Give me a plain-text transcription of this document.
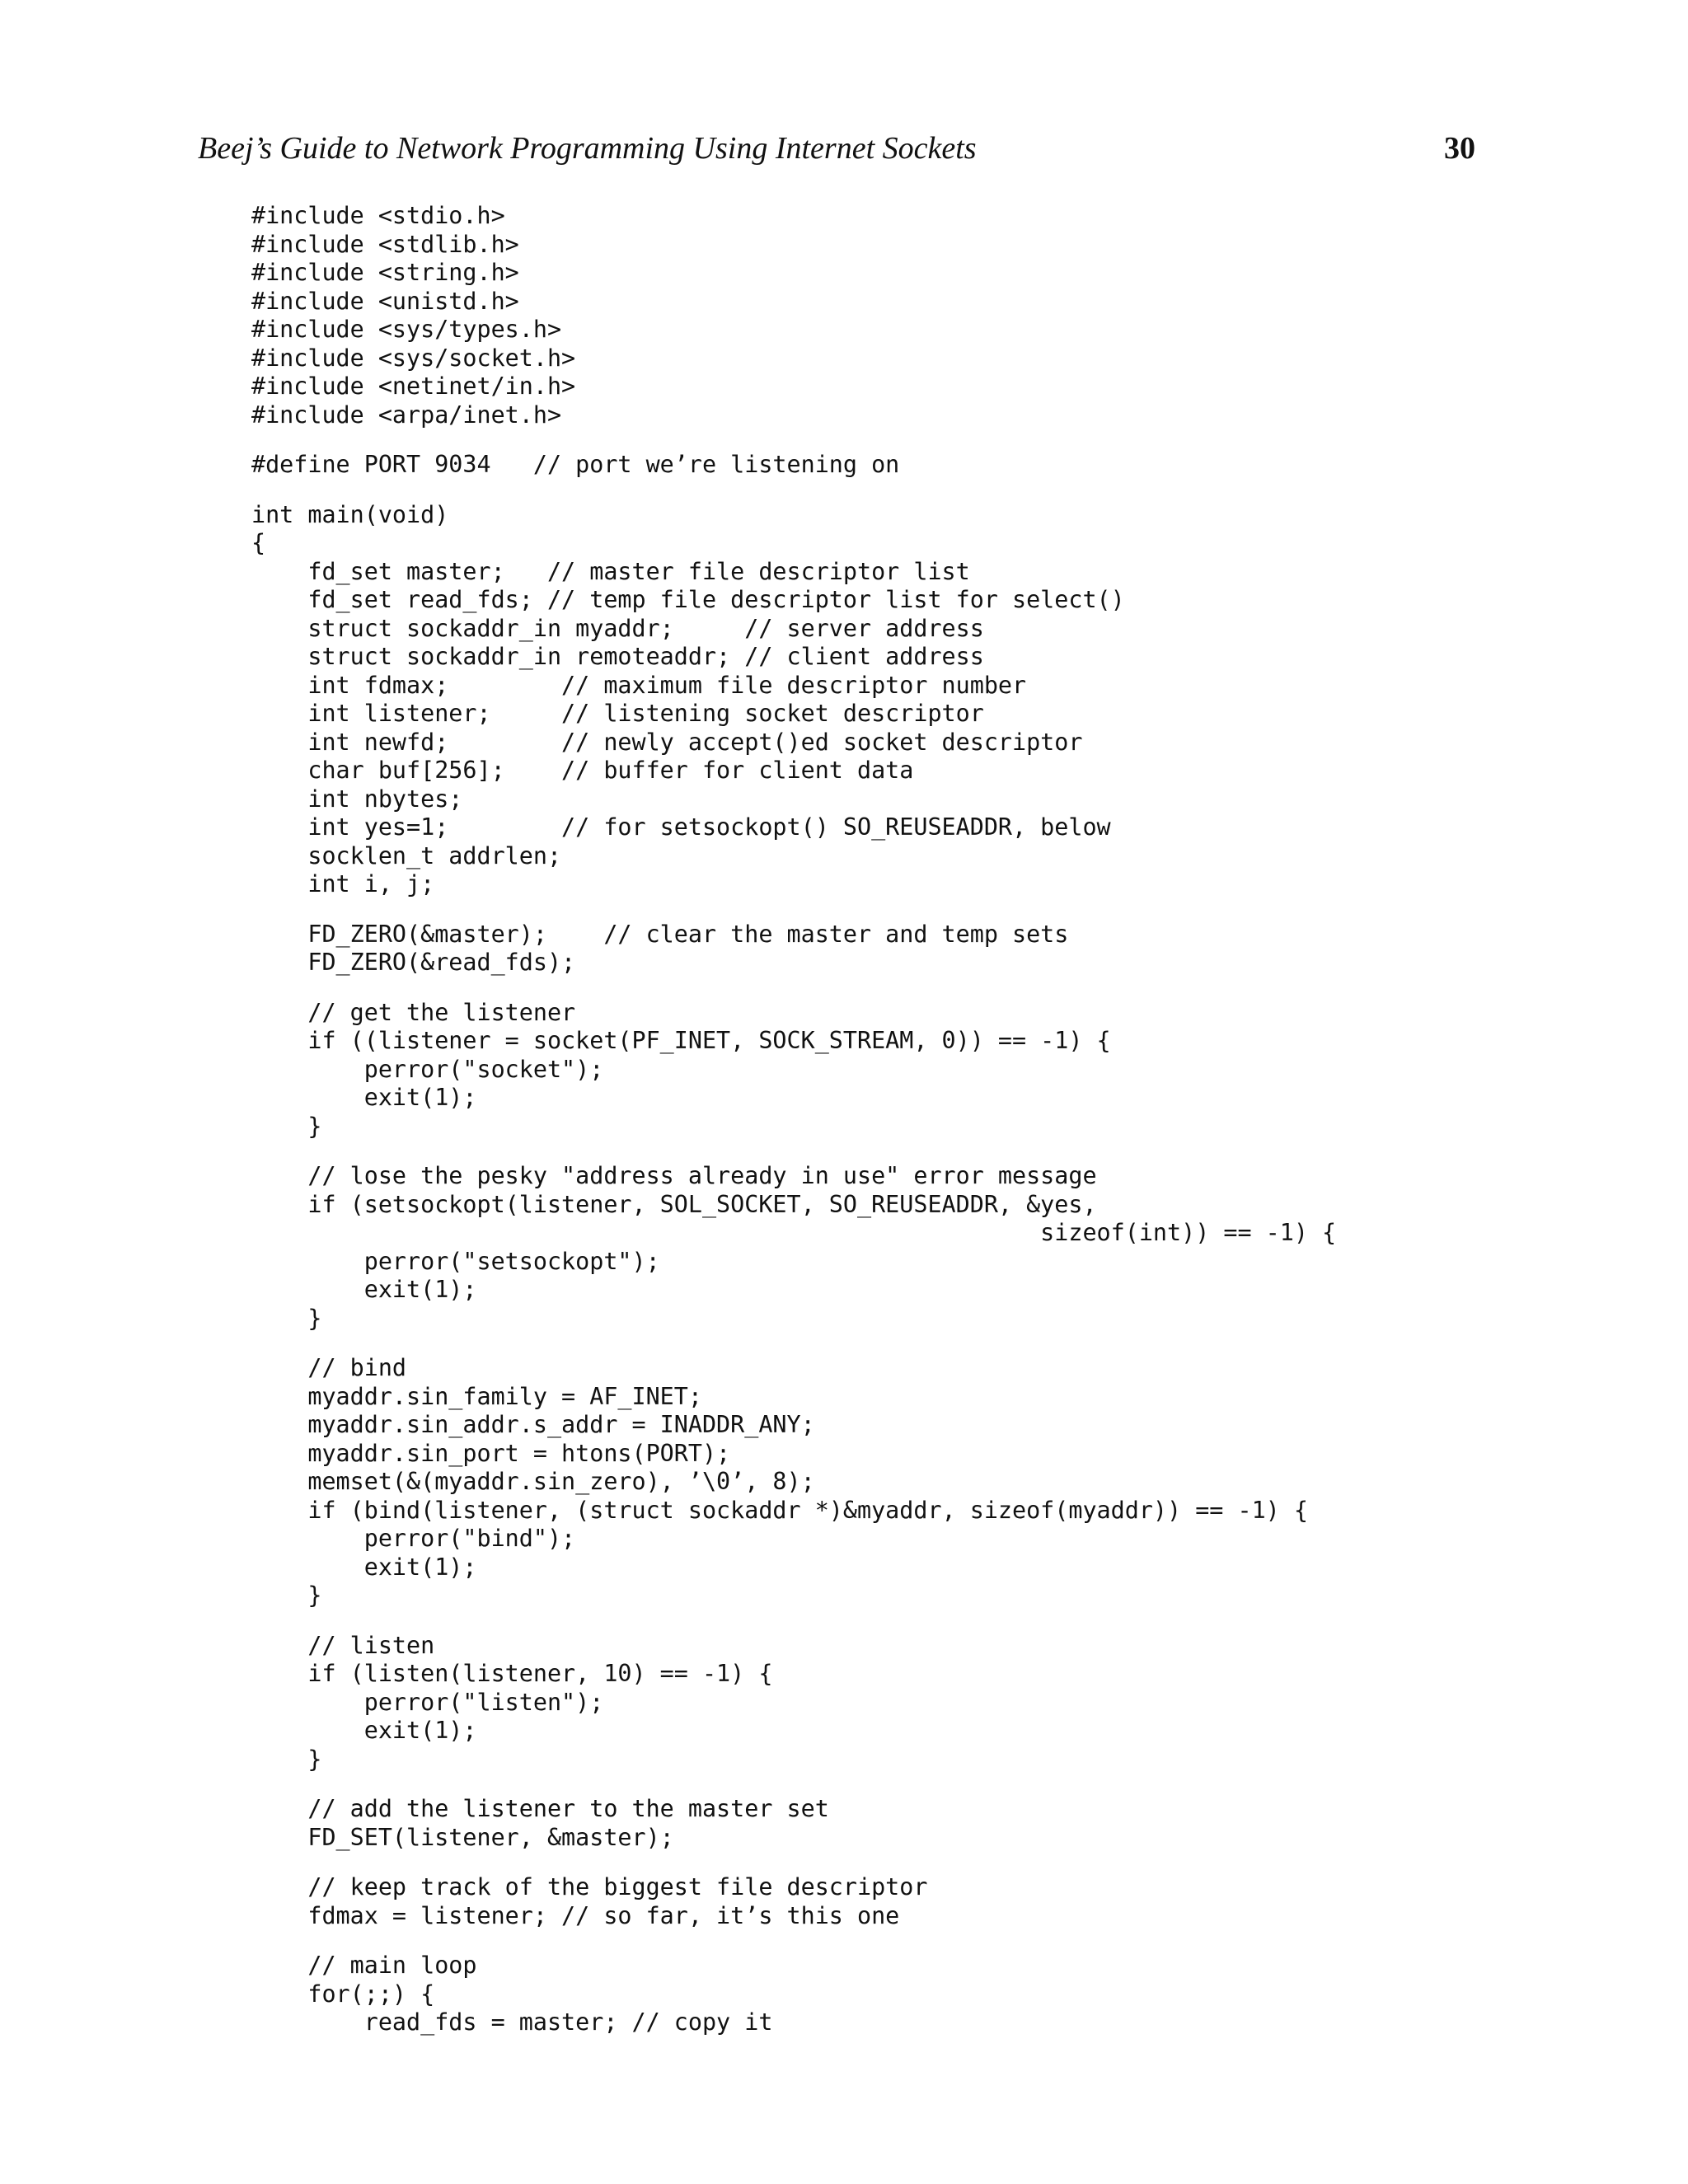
Beej’s Guide to Network Programming Using Internet Sockets	30
#include <stdio.h>
#include <stdlib.h>
#include <string.h>
#include <unistd.h>
#include <sys/types.h>
#include <sys/socket.h>
#include <netinet/in.h>
#include <arpa/inet.h>
#define PORT 9034   // port we’re listening on
int main(void)
{
fd_set master;   // master file descriptor list
fd_set read_fds; // temp file descriptor list for select()
struct sockaddr_in myaddr;     // server address
struct sockaddr_in remoteaddr; // client address
int fdmax;        // maximum file descriptor number
int listener;     // listening socket descriptor
int newfd;        // newly accept()ed socket descriptor
char buf[256];    // buffer for client data
int nbytes;
int yes=1;        // for setsockopt() SO_REUSEADDR, below
socklen_t addrlen;
int i, j;
FD_ZERO(&master);    // clear the master and temp sets
FD_ZERO(&read_fds);
// get the listener
if ((listener = socket(PF_INET, SOCK_STREAM, 0)) == -1) {
perror("socket");
exit(1);
}
// lose the pesky "address already in use" error message
if (setsockopt(listener, SOL_SOCKET, SO_REUSEADDR, &yes,
sizeof(int)) == -1) {
perror("setsockopt");
exit(1);
}
// bind
myaddr.sin_family = AF_INET;
myaddr.sin_addr.s_addr = INADDR_ANY;
myaddr.sin_port = htons(PORT);
memset(&(myaddr.sin_zero), ’\0’, 8);
if (bind(listener, (struct sockaddr *)&myaddr, sizeof(myaddr)) == -1) {
perror("bind");
exit(1);
}
// listen
if (listen(listener, 10) == -1) {
perror("listen");
exit(1);
}
// add the listener to the master set
FD_SET(listener, &master);
// keep track of the biggest file descriptor
fdmax = listener; // so far, it’s this one
// main loop
for(;;) {
read_fds = master; // copy it
